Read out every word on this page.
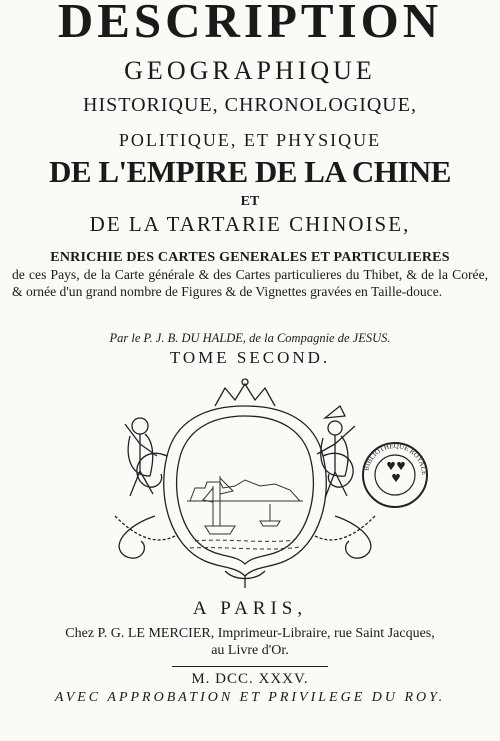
DESCRIPTION
GEOGRAPHIQUE
HISTORIQUE, CHRONOLOGIQUE,
POLITIQUE, ET PHYSIQUE
DE L'EMPIRE DE LA CHINE
ET
DE LA TARTARIE CHINOISE,
ENRICHIE DES CARTES GENERALES ET PARTICULIERES
de ces Pays, de la Carte générale & des Cartes particulieres du Thibet, & de la Corée, & ornée d'un grand nombre de Figures & de Vignettes gravées en Taille-douce.
Par le P. J. B. DU HALDE, de la Compagnie de JESUS.
TOME SECOND.
BIBLIOTHEQUE ROYALE
A PARIS,
Chez P. G. LE MERCIER, Imprimeur-Libraire, rue Saint Jacques,
au Livre d'Or.
M. DCC. XXXV.
AVEC APPROBATION ET PRIVILEGE DU ROY.
